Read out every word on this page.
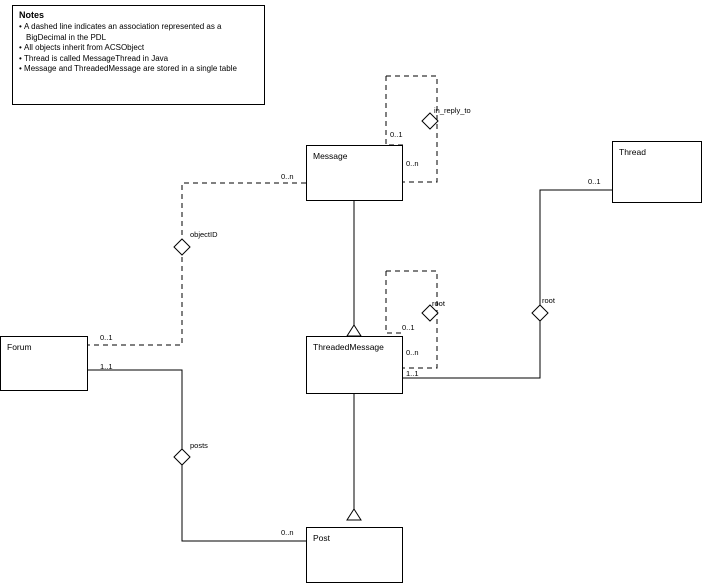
Notes
• A dashed line indicates an association represented as a BigDecimal in the PDL
• All objects inherit from ACSObject
• Thread is called MessageThread in Java
• Message and ThreadedMessage are stored in a single table
Message	Thread
Forum	ThreadedMessage
Post
in_reply_to
objectID
root	root
posts
0..1
0..n
0..n
0..1
0..1
0..n
0..1
1..1
1..1
0..n
